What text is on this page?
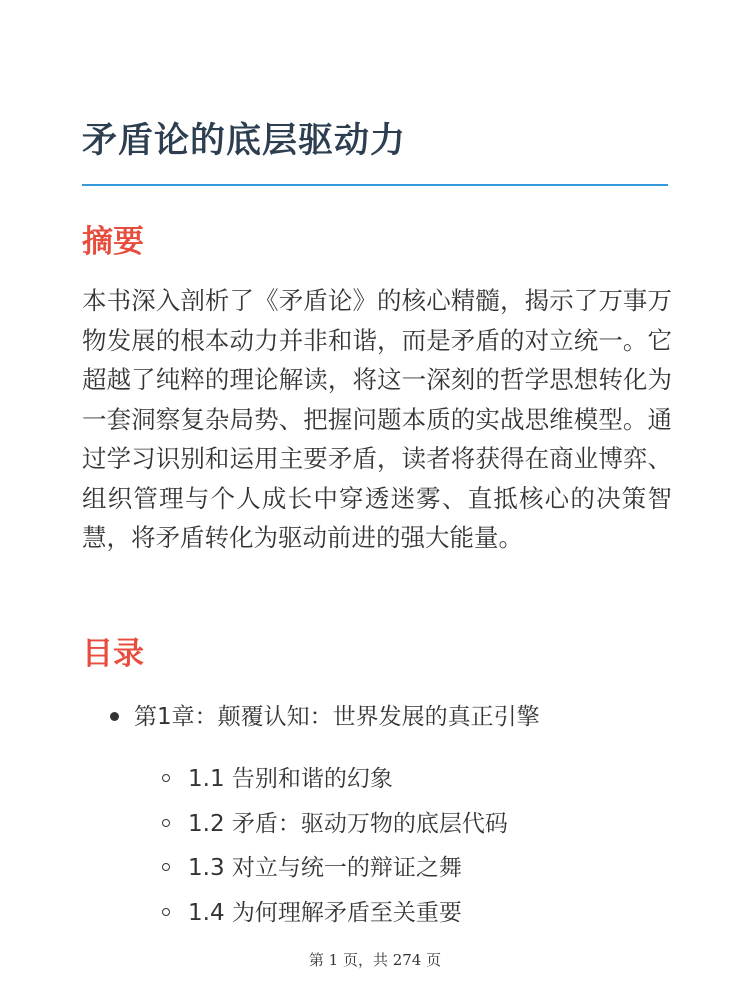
矛盾论的底层驱动力
摘要

本书深入剖析了《矛盾论》的核心精髓，揭示了万事万物发展的根本动力并非和谐，而是矛盾的对立统一。它超越了纯粹的理论解读，将这一深刻的哲学思想转化为一套洞察复杂局势、把握问题本质的实战思维模型。通过学习识别和运用主要矛盾，读者将获得在商业博弈、组织管理与个人成长中穿透迷雾、直抵核心的决策智慧，将矛盾转化为驱动前进的强大能量。

目录
第1章：颠覆认知：世界发展的真正引擎
1.1 告别和谐的幻象
1.2 矛盾：驱动万物的底层代码
1.3 对立与统一的辩证之舞
1.4 为何理解矛盾至关重要
第 1 页，共 274 页
